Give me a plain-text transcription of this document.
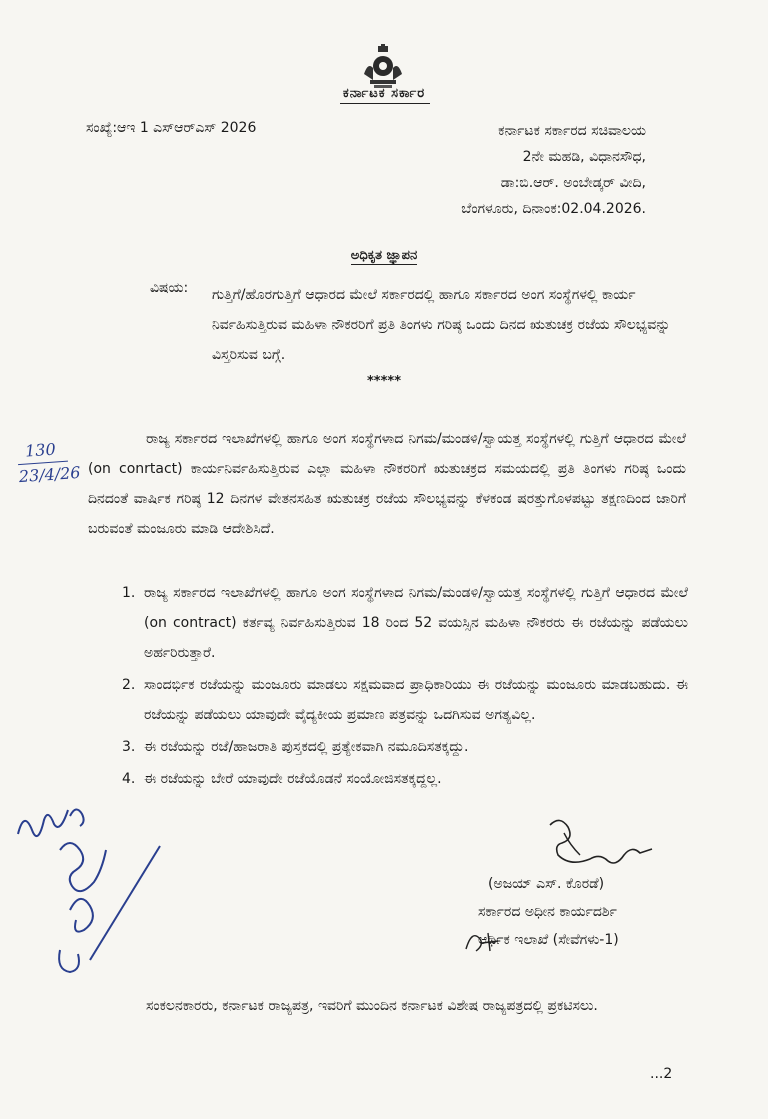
ಕರ್ನಾಟಕ ಸರ್ಕಾರ
ಸಂಖ್ಯೆ:ಆಇ 1 ಎಸ್‌ಆರ್‌ಎಸ್ 2026	ಕರ್ನಾಟಕ ಸರ್ಕಾರದ ಸಚಿವಾಲಯ
2ನೇ ಮಹಡಿ, ವಿಧಾನಸೌಧ,
ಡಾ:ಬಿ.ಆರ್. ಅಂಬೇಡ್ಕರ್ ವೀದಿ,
ಬೆಂಗಳೂರು, ದಿನಾಂಕ:02.04.2026.
ಅಧಿಕೃತ ಜ್ಞಾಪನ
ವಿಷಯ: ಗುತ್ತಿಗೆ/ಹೊರಗುತ್ತಿಗೆ ಆಧಾರದ ಮೇಲೆ ಸರ್ಕಾರದಲ್ಲಿ ಹಾಗೂ ಸರ್ಕಾರದ ಅಂಗ ಸಂಸ್ಥೆಗಳಲ್ಲಿ ಕಾರ್ಯ ನಿರ್ವಹಿಸುತ್ತಿರುವ ಮಹಿಳಾ ನೌಕರರಿಗೆ ಪ್ರತಿ ತಿಂಗಳು ಗರಿಷ್ಠ ಒಂದು ದಿನದ ಋತುಚಕ್ರ ರಜೆಯ ಸೌಲಭ್ಯವನ್ನು ವಿಸ್ತರಿಸುವ ಬಗ್ಗೆ.
*****
ರಾಜ್ಯ ಸರ್ಕಾರದ ಇಲಾಖೆಗಳಲ್ಲಿ ಹಾಗೂ ಅಂಗ ಸಂಸ್ಥೆಗಳಾದ ನಿಗಮ/ಮಂಡಳಿ/ಸ್ವಾಯತ್ತ ಸಂಸ್ಥೆಗಳಲ್ಲಿ ಗುತ್ತಿಗೆ ಆಧಾರದ ಮೇಲೆ (on conrtact) ಕಾರ್ಯನಿರ್ವಹಿಸುತ್ತಿರುವ ಎಲ್ಲಾ ಮಹಿಳಾ ನೌಕರರಿಗೆ ಋತುಚಕ್ರದ ಸಮಯದಲ್ಲಿ ಪ್ರತಿ ತಿಂಗಳು ಗರಿಷ್ಠ ಒಂದು ದಿನದಂತೆ ವಾರ್ಷಿಕ ಗರಿಷ್ಠ 12 ದಿನಗಳ ವೇತನಸಹಿತ ಋತುಚಕ್ರ ರಜೆಯ ಸೌಲಭ್ಯವನ್ನು ಕೆಳಕಂಡ ಷರತ್ತುಗೊಳಪಟ್ಟು ತಕ್ಷಣದಿಂದ ಜಾರಿಗೆ ಬರುವಂತೆ ಮಂಜೂರು ಮಾಡಿ ಆದೇಶಿಸಿದೆ.
1. ರಾಜ್ಯ ಸರ್ಕಾರದ ಇಲಾಖೆಗಳಲ್ಲಿ ಹಾಗೂ ಅಂಗ ಸಂಸ್ಥೆಗಳಾದ ನಿಗಮ/ಮಂಡಳಿ/ಸ್ವಾಯತ್ತ ಸಂಸ್ಥೆಗಳಲ್ಲಿ ಗುತ್ತಿಗೆ ಆಧಾರದ ಮೇಲೆ (on contract) ಕರ್ತವ್ಯ ನಿರ್ವಹಿಸುತ್ತಿರುವ 18 ರಿಂದ 52 ವಯಸ್ಸಿನ ಮಹಿಳಾ ನೌಕರರು ಈ ರಜೆಯನ್ನು ಪಡೆಯಲು ಅರ್ಹರಿರುತ್ತಾರೆ.
2. ಸಾಂದರ್ಭಿಕ ರಜೆಯನ್ನು ಮಂಜೂರು ಮಾಡಲು ಸಕ್ಷಮವಾದ ಪ್ರಾಧಿಕಾರಿಯು ಈ ರಜೆಯನ್ನು ಮಂಜೂರು ಮಾಡಬಹುದು. ಈ ರಜೆಯನ್ನು ಪಡೆಯಲು ಯಾವುದೇ ವೈದ್ಯಕೀಯ ಪ್ರಮಾಣ ಪತ್ರವನ್ನು ಒದಗಿಸುವ ಅಗತ್ಯವಿಲ್ಲ.
3. ಈ ರಜೆಯನ್ನು ರಜೆ/ಹಾಜರಾತಿ ಪುಸ್ತಕದಲ್ಲಿ ಪ್ರತ್ಯೇಕವಾಗಿ ನಮೂದಿಸತಕ್ಕದ್ದು.
4. ಈ ರಜೆಯನ್ನು ಬೇರೆ ಯಾವುದೇ ರಜೆಯೊಡನೆ ಸಂಯೋಜಿಸತಕ್ಕದ್ದಲ್ಲ.
(ಅಜಯ್ ಎಸ್. ಕೊರಡೆ)
ಸರ್ಕಾರದ ಅಧೀನ ಕಾರ್ಯದರ್ಶಿ
ಆರ್ಥಿಕ ಇಲಾಖೆ (ಸೇವೆಗಳು-1)
ಸಂಕಲನಕಾರರು, ಕರ್ನಾಟಕ ರಾಜ್ಯಪತ್ರ, ಇವರಿಗೆ ಮುಂದಿನ ಕರ್ನಾಟಕ ವಿಶೇಷ ರಾಜ್ಯಪತ್ರದಲ್ಲಿ ಪ್ರಕಟಿಸಲು.
...2
130
23/4/26
